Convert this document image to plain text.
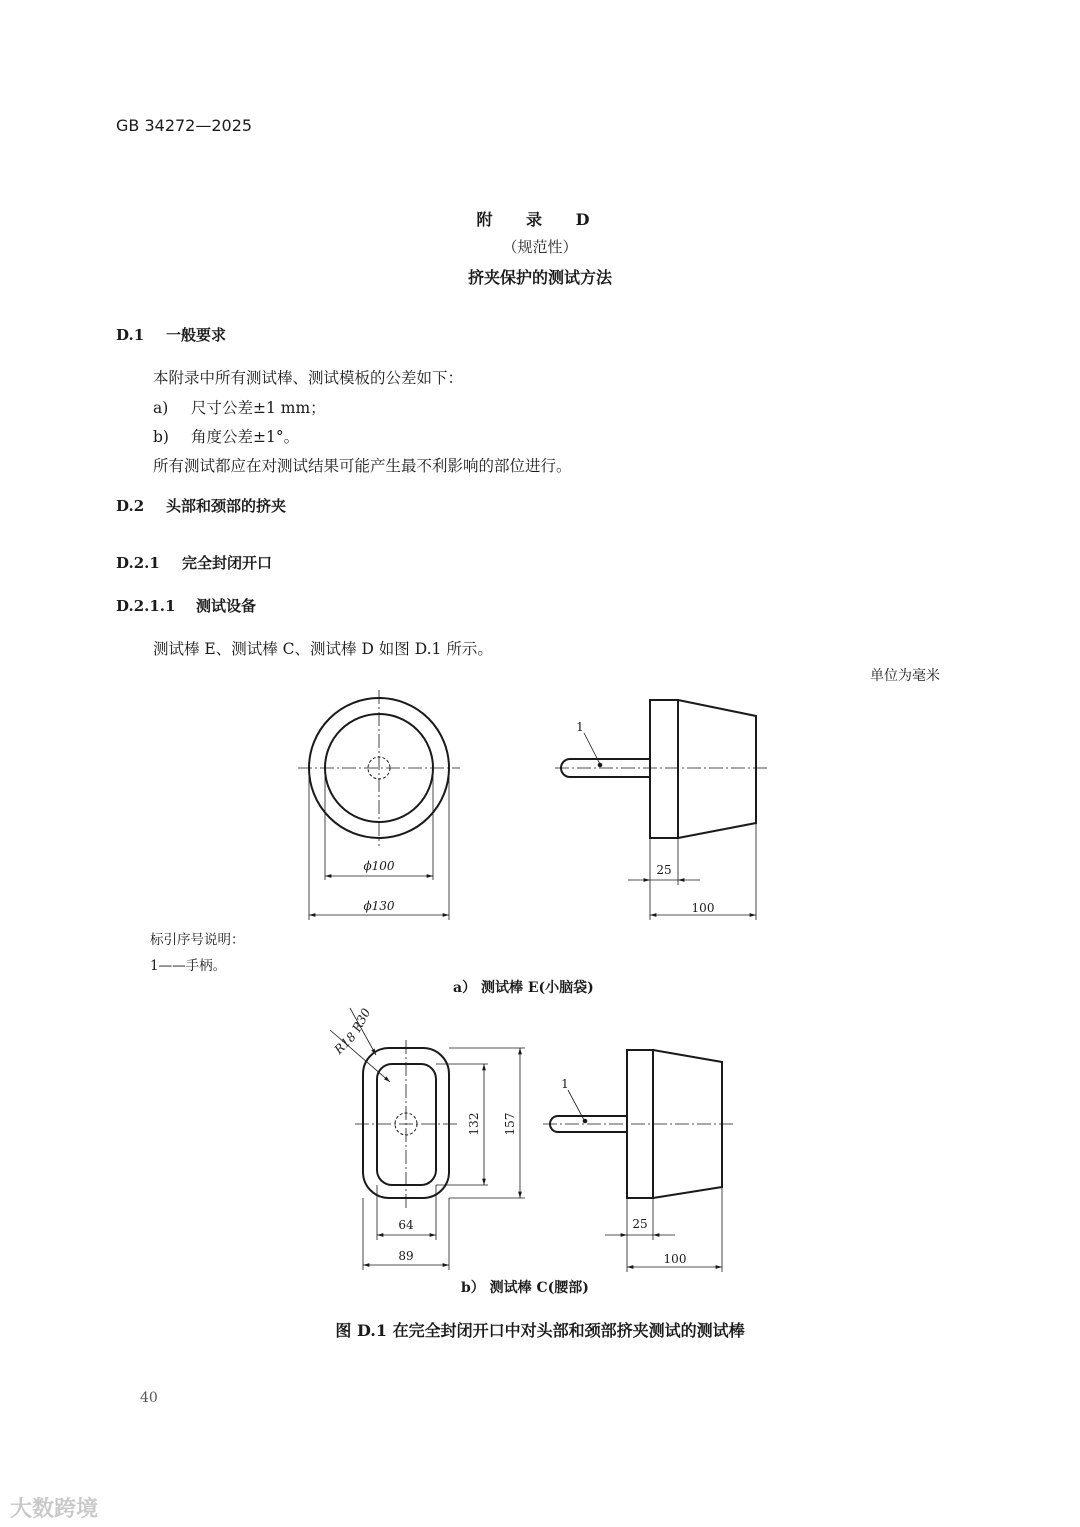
GB 34272—2025
附 录 D
（规范性）
挤夹保护的测试方法
D.1 一般要求
本附录中所有测试棒、测试模板的公差如下：
a) 尺寸公差±1 mm；
b) 角度公差±1°。
所有测试都应在对测试结果可能产生最不利影响的部位进行。
D.2 头部和颈部的挤夹
D.2.1 完全封闭开口
D.2.1.1 测试设备
测试棒 E、测试棒 C、测试棒 D 如图 D.1 所示。
单位为毫米
ϕ100
ϕ130
1
25
100
R30
R18
132 157
64
89
1
25
100
标引序号说明：
1——手柄。
a） 测试棒 E(小脑袋)
b） 测试棒 C(腰部)
图 D.1 在完全封闭开口中对头部和颈部挤夹测试的测试棒
40
大数跨境
